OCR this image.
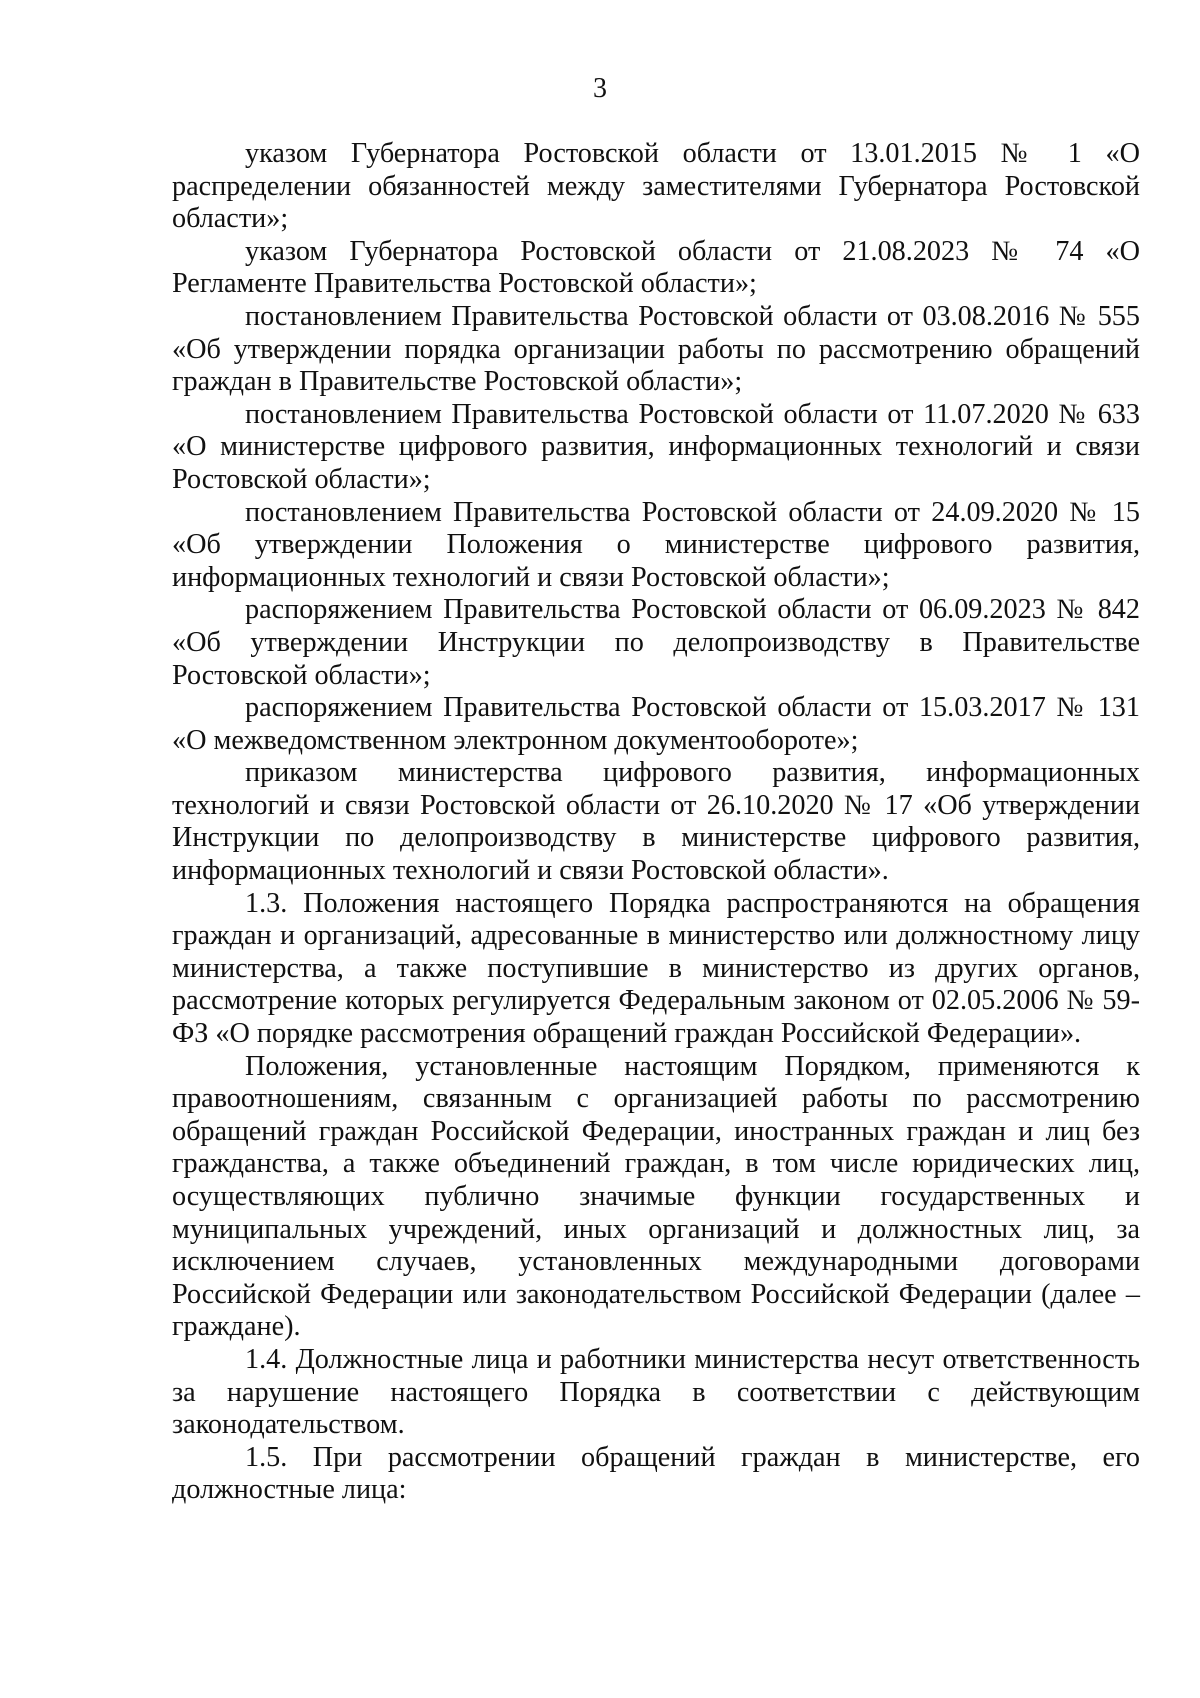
3

указом Губернатора Ростовской области от 13.01.2015 № 1 «О распределении обязанностей между заместителями Губернатора Ростовской области»;

указом Губернатора Ростовской области от 21.08.2023 № 74 «О Регламенте Правительства Ростовской области»;

постановлением Правительства Ростовской области от 03.08.2016 № 555 «Об утверждении порядка организации работы по рассмотрению обращений граждан в Правительстве Ростовской области»;

постановлением Правительства Ростовской области от 11.07.2020 № 633 «О министерстве цифрового развития, информационных технологий и связи Ростовской области»;

постановлением Правительства Ростовской области от 24.09.2020 № 15 «Об утверждении Положения о министерстве цифрового развития, информационных технологий и связи Ростовской области»;

распоряжением Правительства Ростовской области от 06.09.2023 № 842 «Об утверждении Инструкции по делопроизводству в Правительстве Ростовской области»;

распоряжением Правительства Ростовской области от 15.03.2017 № 131 «О межведомственном электронном документообороте»;

приказом министерства цифрового развития, информационных технологий и связи Ростовской области от 26.10.2020 № 17 «Об утверждении Инструкции по делопроизводству в министерстве цифрового развития, информационных технологий и связи Ростовской области».

1.3. Положения настоящего Порядка распространяются на обращения граждан и организаций, адресованные в министерство или должностному лицу министерства, а также поступившие в министерство из других органов, рассмотрение которых регулируется Федеральным законом от 02.05.2006 № 59-ФЗ «О порядке рассмотрения обращений граждан Российской Федерации».

Положения, установленные настоящим Порядком, применяются к правоотношениям, связанным с организацией работы по рассмотрению обращений граждан Российской Федерации, иностранных граждан и лиц без гражданства, а также объединений граждан, в том числе юридических лиц, осуществляющих публично значимые функции государственных и муниципальных учреждений, иных организаций и должностных лиц, за исключением случаев, установленных международными договорами Российской Федерации или законодательством Российской Федерации (далее – граждане).

1.4. Должностные лица и работники министерства несут ответственность за нарушение настоящего Порядка в соответствии с действующим законодательством.

1.5. При рассмотрении обращений граждан в министерстве, его должностные лица:
